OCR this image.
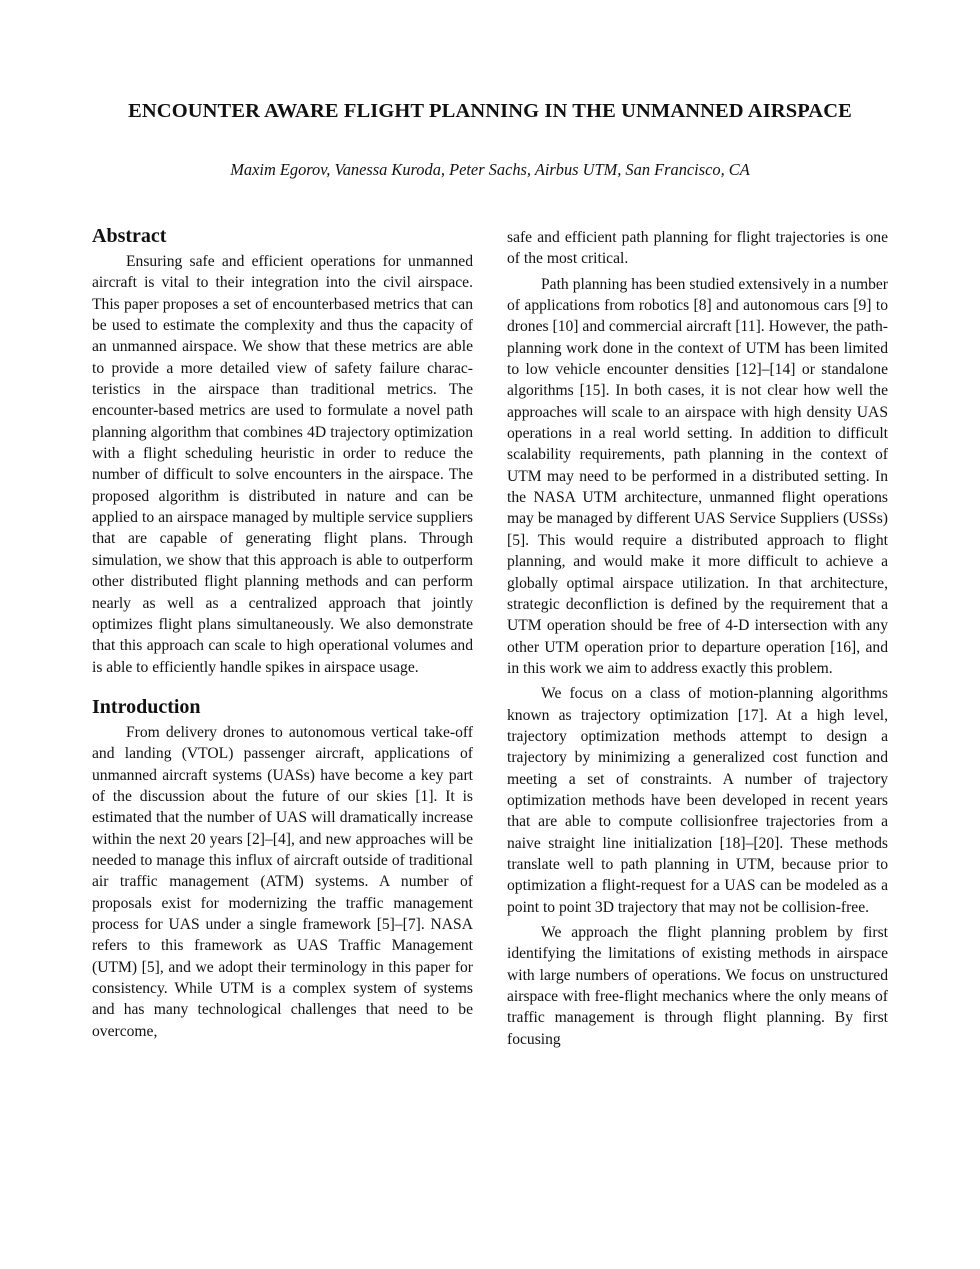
ENCOUNTER AWARE FLIGHT PLANNING IN THE UNMANNED AIRSPACE
Maxim Egorov, Vanessa Kuroda, Peter Sachs, Airbus UTM, San Francisco, CA
Abstract

Ensuring safe and efficient operations for unmanned aircraft is vital to their integration into the civil airspace. This paper proposes a set of encounterbased metrics that can be used to estimate the complexity and thus the capacity of an unmanned airspace. We show that these metrics are able to provide a more detailed view of safety failure characteristics in the airspace than traditional metrics. The encounter-based metrics are used to formulate a novel path planning algorithm that combines 4D trajectory optimization with a flight scheduling heuristic in order to reduce the number of difficult to solve encounters in the airspace. The proposed algorithm is distributed in nature and can be applied to an airspace managed by multiple service suppliers that are capable of generating flight plans. Through simulation, we show that this approach is able to outperform other distributed flight planning methods and can perform nearly as well as a centralized approach that jointly optimizes flight plans simultaneously. We also demonstrate that this approach can scale to high operational volumes and is able to efficiently handle spikes in airspace usage.

Introduction

From delivery drones to autonomous vertical take-off and landing (VTOL) passenger aircraft, applications of unmanned aircraft systems (UASs) have become a key part of the discussion about the future of our skies [1]. It is estimated that the number of UAS will dramatically increase within the next 20 years [2]–[4], and new approaches will be needed to manage this influx of aircraft outside of traditional air traffic management (ATM) systems. A number of proposals exist for modernizing the traffic management process for UAS under a single framework [5]–[7]. NASA refers to this framework as UAS Traffic Management (UTM) [5], and we adopt their terminology in this paper for consistency. While UTM is a complex system of systems and has many technological challenges that need to be overcome,

safe and efficient path planning for flight trajectories is one of the most critical.

Path planning has been studied extensively in a number of applications from robotics [8] and autonomous cars [9] to drones [10] and commercial aircraft [11]. However, the path-planning work done in the context of UTM has been limited to low vehicle encounter densities [12]–[14] or standalone algorithms [15]. In both cases, it is not clear how well the approaches will scale to an airspace with high density UAS operations in a real world setting. In addition to difficult scalability requirements, path planning in the context of UTM may need to be performed in a distributed setting. In the NASA UTM architecture, unmanned flight operations may be managed by different UAS Service Suppliers (USSs) [5]. This would require a distributed approach to flight planning, and would make it more difficult to achieve a globally optimal airspace utilization. In that architecture, strategic deconfliction is defined by the requirement that a UTM operation should be free of 4-D intersection with any other UTM operation prior to departure operation [16], and in this work we aim to address exactly this problem.

We focus on a class of motion-planning algorithms known as trajectory optimization [17]. At a high level, trajectory optimization methods attempt to design a trajectory by minimizing a generalized cost function and meeting a set of constraints. A number of trajectory optimization methods have been developed in recent years that are able to compute collisionfree trajectories from a naive straight line initialization [18]–[20]. These methods translate well to path planning in UTM, because prior to optimization a flight-request for a UAS can be modeled as a point to point 3D trajectory that may not be collision-free.

We approach the flight planning problem by first identifying the limitations of existing methods in airspace with large numbers of operations. We focus on unstructured airspace with free-flight mechanics where the only means of traffic management is through flight planning. By first focusing
